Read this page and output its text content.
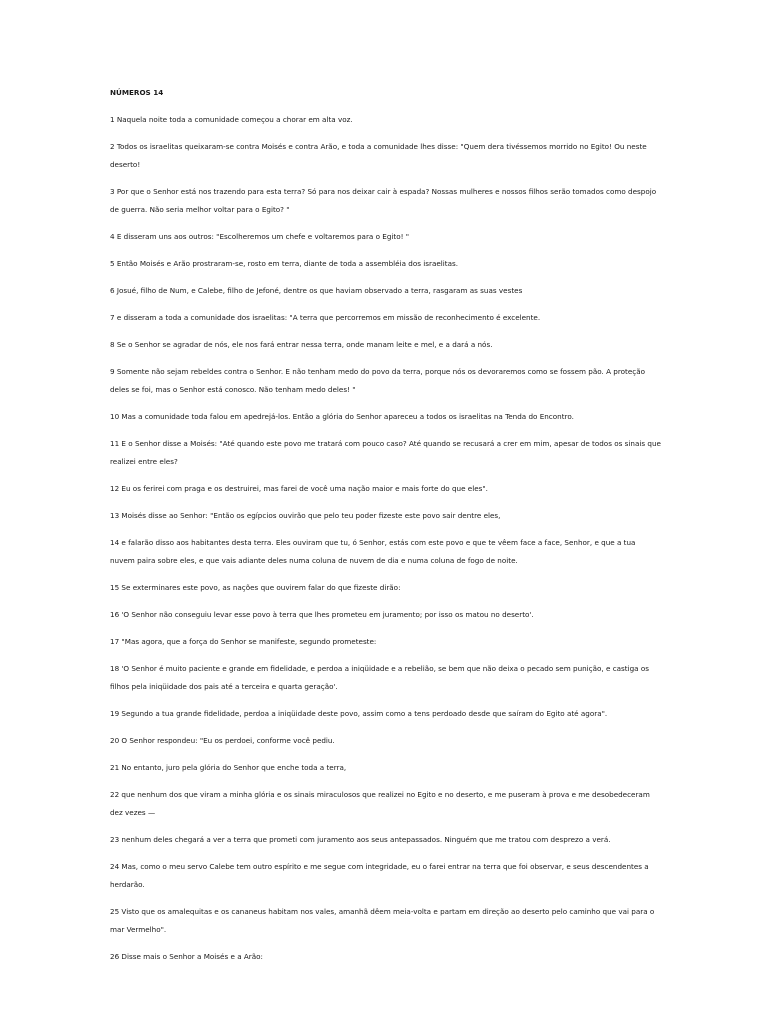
NÚMEROS 14

1 Naquela noite toda a comunidade começou a chorar em alta voz.

2 Todos os israelitas queixaram-se contra Moisés e contra Arão, e toda a comunidade lhes disse: "Quem dera tivéssemos morrido no Egito! Ou neste deserto!

3 Por que o Senhor está nos trazendo para esta terra? Só para nos deixar cair à espada? Nossas mulheres e nossos filhos serão tomados como despojo de guerra. Não seria melhor voltar para o Egito? "

4 E disseram uns aos outros: "Escolheremos um chefe e voltaremos para o Egito! "

5 Então Moisés e Arão prostraram-se, rosto em terra, diante de toda a assembléia dos israelitas.

6 Josué, filho de Num, e Calebe, filho de Jefoné, dentre os que haviam observado a terra, rasgaram as suas vestes

7 e disseram a toda a comunidade dos israelitas: "A terra que percorremos em missão de reconhecimento é excelente.

8 Se o Senhor se agradar de nós, ele nos fará entrar nessa terra, onde manam leite e mel, e a dará a nós.

9 Somente não sejam rebeldes contra o Senhor. E não tenham medo do povo da terra, porque nós os devoraremos como se fossem pão. A proteção deles se foi, mas o Senhor está conosco. Não tenham medo deles! "

10 Mas a comunidade toda falou em apedrejá-los. Então a glória do Senhor apareceu a todos os israelitas na Tenda do Encontro.

11 E o Senhor disse a Moisés: "Até quando este povo me tratará com pouco caso? Até quando se recusará a crer em mim, apesar de todos os sinais que realizei entre eles?

12 Eu os ferirei com praga e os destruirei, mas farei de você uma nação maior e mais forte do que eles".

13 Moisés disse ao Senhor: "Então os egípcios ouvirão que pelo teu poder fizeste este povo sair dentre eles,

14 e falarão disso aos habitantes desta terra. Eles ouviram que tu, ó Senhor, estás com este povo e que te vêem face a face, Senhor, e que a tua nuvem paira sobre eles, e que vais adiante deles numa coluna de nuvem de dia e numa coluna de fogo de noite.

15 Se exterminares este povo, as nações que ouvirem falar do que fizeste dirão:

16 'O Senhor não conseguiu levar esse povo à terra que lhes prometeu em juramento; por isso os matou no deserto'.

17 "Mas agora, que a força do Senhor se manifeste, segundo prometeste:

18 'O Senhor é muito paciente e grande em fidelidade, e perdoa a iniqüidade e a rebelião, se bem que não deixa o pecado sem punição, e castiga os filhos pela iniqüidade dos pais até a terceira e quarta geração'.

19 Segundo a tua grande fidelidade, perdoa a iniqüidade deste povo, assim como a tens perdoado desde que saíram do Egito até agora".

20 O Senhor respondeu: "Eu os perdoei, conforme você pediu.

21 No entanto, juro pela glória do Senhor que enche toda a terra,

22 que nenhum dos que viram a minha glória e os sinais miraculosos que realizei no Egito e no deserto, e me puseram à prova e me desobedeceram dez vezes —

23 nenhum deles chegará a ver a terra que prometi com juramento aos seus antepassados. Ninguém que me tratou com desprezo a verá.

24 Mas, como o meu servo Calebe tem outro espírito e me segue com integridade, eu o farei entrar na terra que foi observar, e seus descendentes a herdarão.

25 Visto que os amalequitas e os cananeus habitam nos vales, amanhã dêem meia-volta e partam em direção ao deserto pelo caminho que vai para o mar Vermelho".

26 Disse mais o Senhor a Moisés e a Arão:
